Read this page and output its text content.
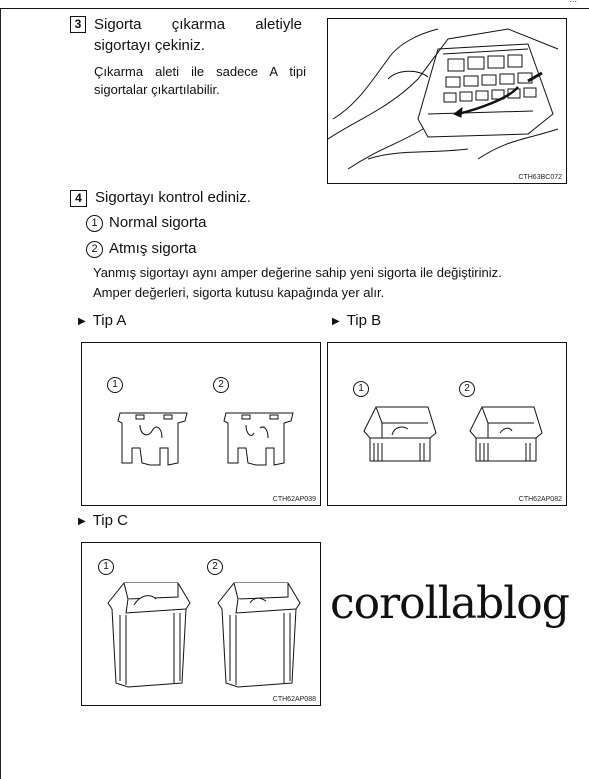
3 Sigorta çıkarma aletiyle
sigortayı çekiniz.
Çıkarma aleti ile sadece A tipi sigortalar çıkartılabilir.
CTH63BC072
4 Sigortayı kontrol ediniz.
1 Normal sigorta
2 Atmış sigorta
Yanmış sigortayı aynı amper değerine sahip yeni sigorta ile değiştiriniz.
Amper değerleri, sigorta kutusu kapağında yer alır.
▶ Tip A	▶ Tip B
1	2
CTH62AP039
1	2
CTH62AP082
▶ Tip C
1	2
CTH62AP088
corollablog
